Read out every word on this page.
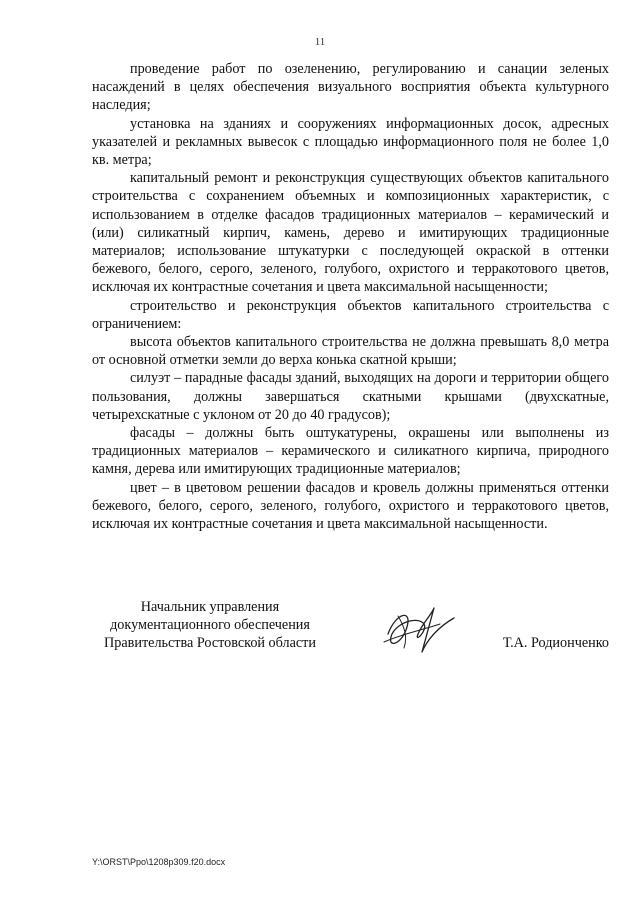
11

проведение работ по озеленению, регулированию и санации зеленых насаждений в целях обеспечения визуального восприятия объекта культурного наследия;

установка на зданиях и сооружениях информационных досок, адресных указателей и рекламных вывесок с площадью информационного поля не более 1,0 кв. метра;

капитальный ремонт и реконструкция существующих объектов капитального строительства с сохранением объемных и композиционных характеристик, с использованием в отделке фасадов традиционных материалов – керамический и (или) силикатный кирпич, камень, дерево и имитирующих традиционные материалов; использование штукатурки с последующей окраской в оттенки бежевого, белого, серого, зеленого, голубого, охристого и терракотового цветов, исключая их контрастные сочетания и цвета максимальной насыщенности;

строительство и реконструкция объектов капитального строительства с ограничением:

высота объектов капитального строительства не должна превышать 8,0 метра от основной отметки земли до верха конька скатной крыши;

силуэт – парадные фасады зданий, выходящих на дороги и территории общего пользования, должны завершаться скатными крышами (двухскатные, четырехскатные с уклоном от 20 до 40 градусов);

фасады – должны быть оштукатурены, окрашены или выполнены из традиционных материалов – керамического и силикатного кирпича, природного камня, дерева или имитирующих традиционные материалов;

цвет – в цветовом решении фасадов и кровель должны применяться оттенки бежевого, белого, серого, зеленого, голубого, охристого и терракотового цветов, исключая их контрастные сочетания и цвета максимальной насыщенности.

Начальник управления
документационного обеспечения
Правительства Ростовской области	Т.А. Родионченко
Y:\ORST\Ppo\1208p309.f20.docx
